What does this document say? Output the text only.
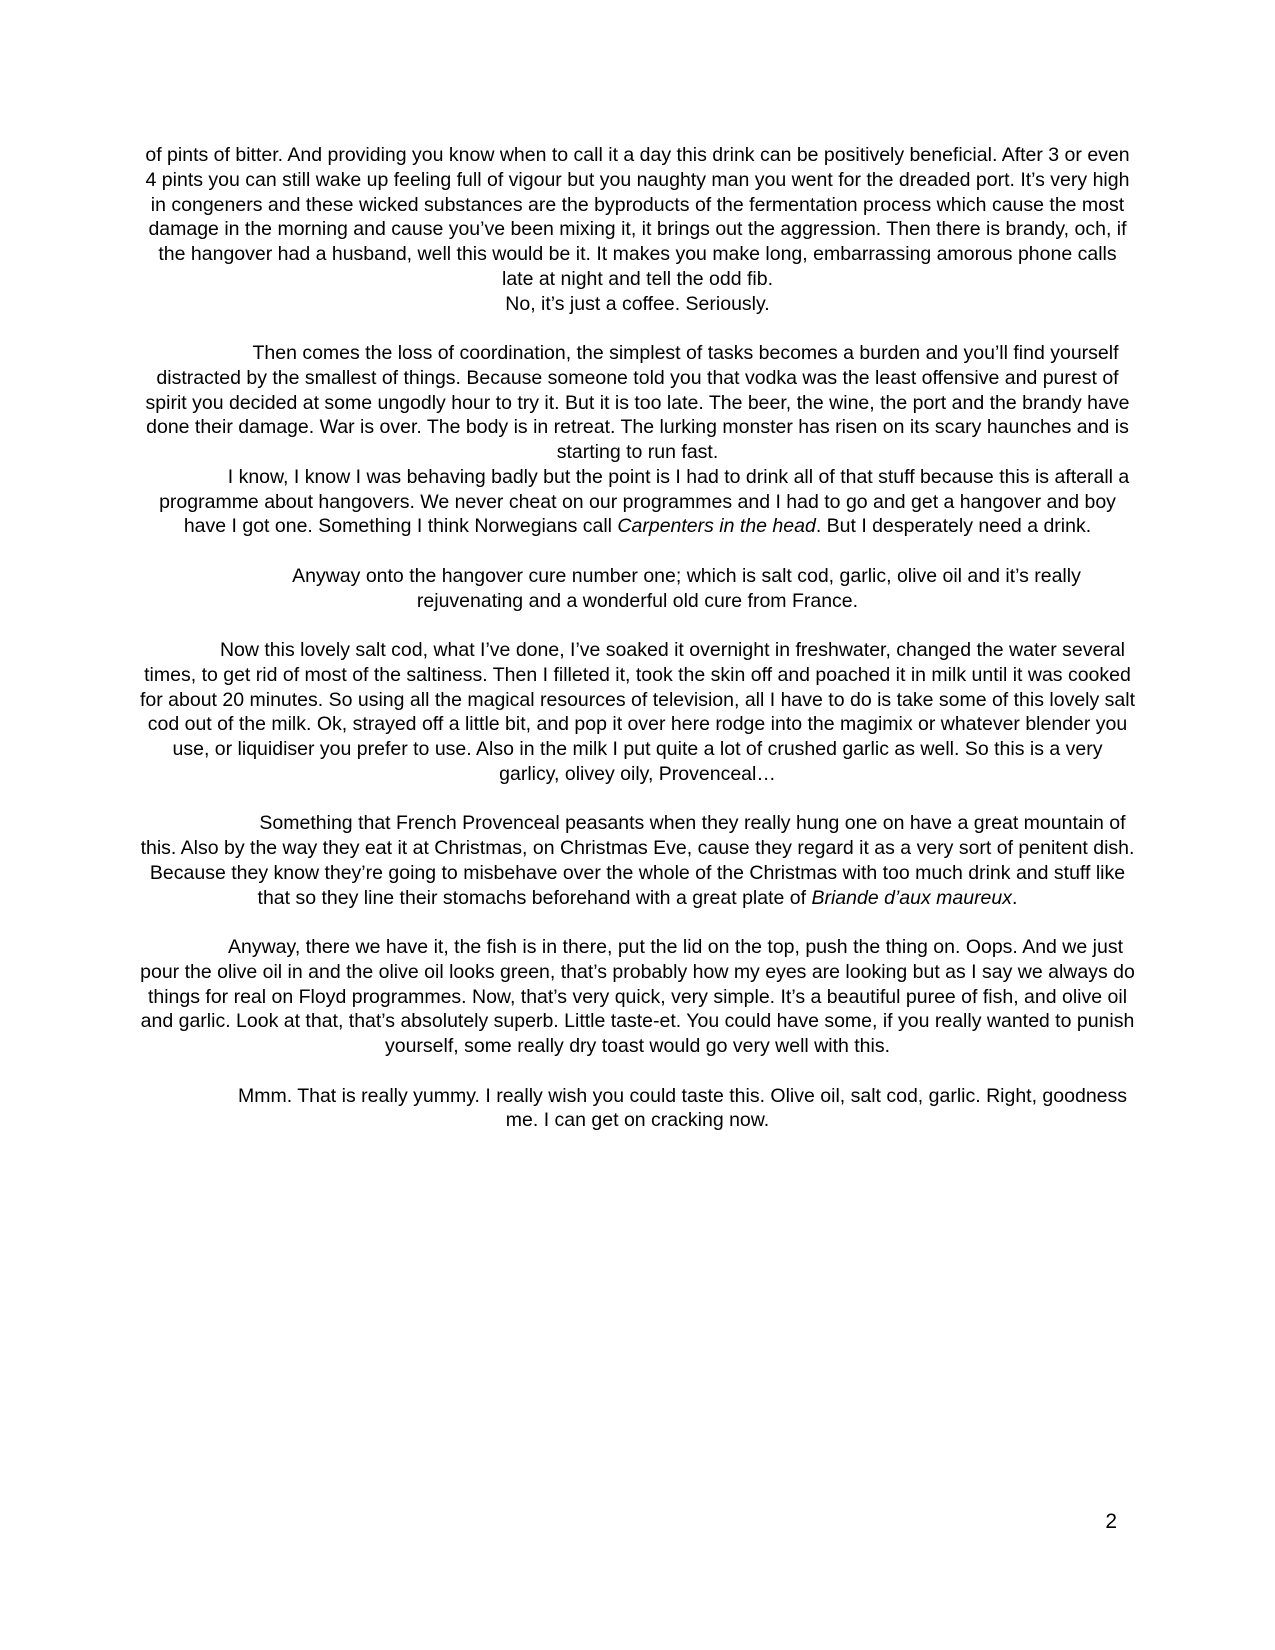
of pints of bitter. And providing you know when to call it a day this drink can be positively beneficial. After 3 or even 4 pints you can still wake up feeling full of vigour but you naughty man you went for the dreaded port. It’s very high in congeners and these wicked substances are the byproducts of the fermentation process which cause the most damage in the morning and cause you’ve been mixing it, it brings out the aggression. Then there is brandy, och, if the hangover had a husband, well this would be it. It makes you make long, embarrassing amorous phone calls late at night and tell the odd fib.

No, it’s just a coffee. Seriously.

Then comes the loss of coordination, the simplest of tasks becomes a burden and you’ll find yourself distracted by the smallest of things. Because someone told you that vodka was the least offensive and purest of spirit you decided at some ungodly hour to try it. But it is too late. The beer, the wine, the port and the brandy have done their damage. War is over. The body is in retreat. The lurking monster has risen on its scary haunches and is starting to run fast.

I know, I know I was behaving badly but the point is I had to drink all of that stuff because this is afterall a programme about hangovers. We never cheat on our programmes and I had to go and get a hangover and boy have I got one. Something I think Norwegians call Carpenters in the head. But I desperately need a drink.

Anyway onto the hangover cure number one; which is salt cod, garlic, olive oil and it’s really rejuvenating and a wonderful old cure from France.

Now this lovely salt cod, what I’ve done, I’ve soaked it overnight in freshwater, changed the water several times, to get rid of most of the saltiness. Then I filleted it, took the skin off and poached it in milk until it was cooked for about 20 minutes. So using all the magical resources of television, all I have to do is take some of this lovely salt cod out of the milk. Ok, strayed off a little bit, and pop it over here rodge into the magimix or whatever blender you use, or liquidiser you prefer to use. Also in the milk I put quite a lot of crushed garlic as well. So this is a very garlicy, olivey oily, Provenceal…

Something that French Provenceal peasants when they really hung one on have a great mountain of this. Also by the way they eat it at Christmas, on Christmas Eve, cause they regard it as a very sort of penitent dish. Because they know they’re going to misbehave over the whole of the Christmas with too much drink and stuff like that so they line their stomachs beforehand with a great plate of Briande d’aux maureux.

Anyway, there we have it, the fish is in there, put the lid on the top, push the thing on. Oops. And we just pour the olive oil in and the olive oil looks green, that’s probably how my eyes are looking but as I say we always do things for real on Floyd programmes. Now, that’s very quick, very simple. It’s a beautiful puree of fish, and olive oil and garlic. Look at that, that’s absolutely superb. Little taste-et. You could have some, if you really wanted to punish yourself, some really dry toast would go very well with this.

Mmm. That is really yummy. I really wish you could taste this. Olive oil, salt cod, garlic. Right, goodness me. I can get on cracking now.

2
